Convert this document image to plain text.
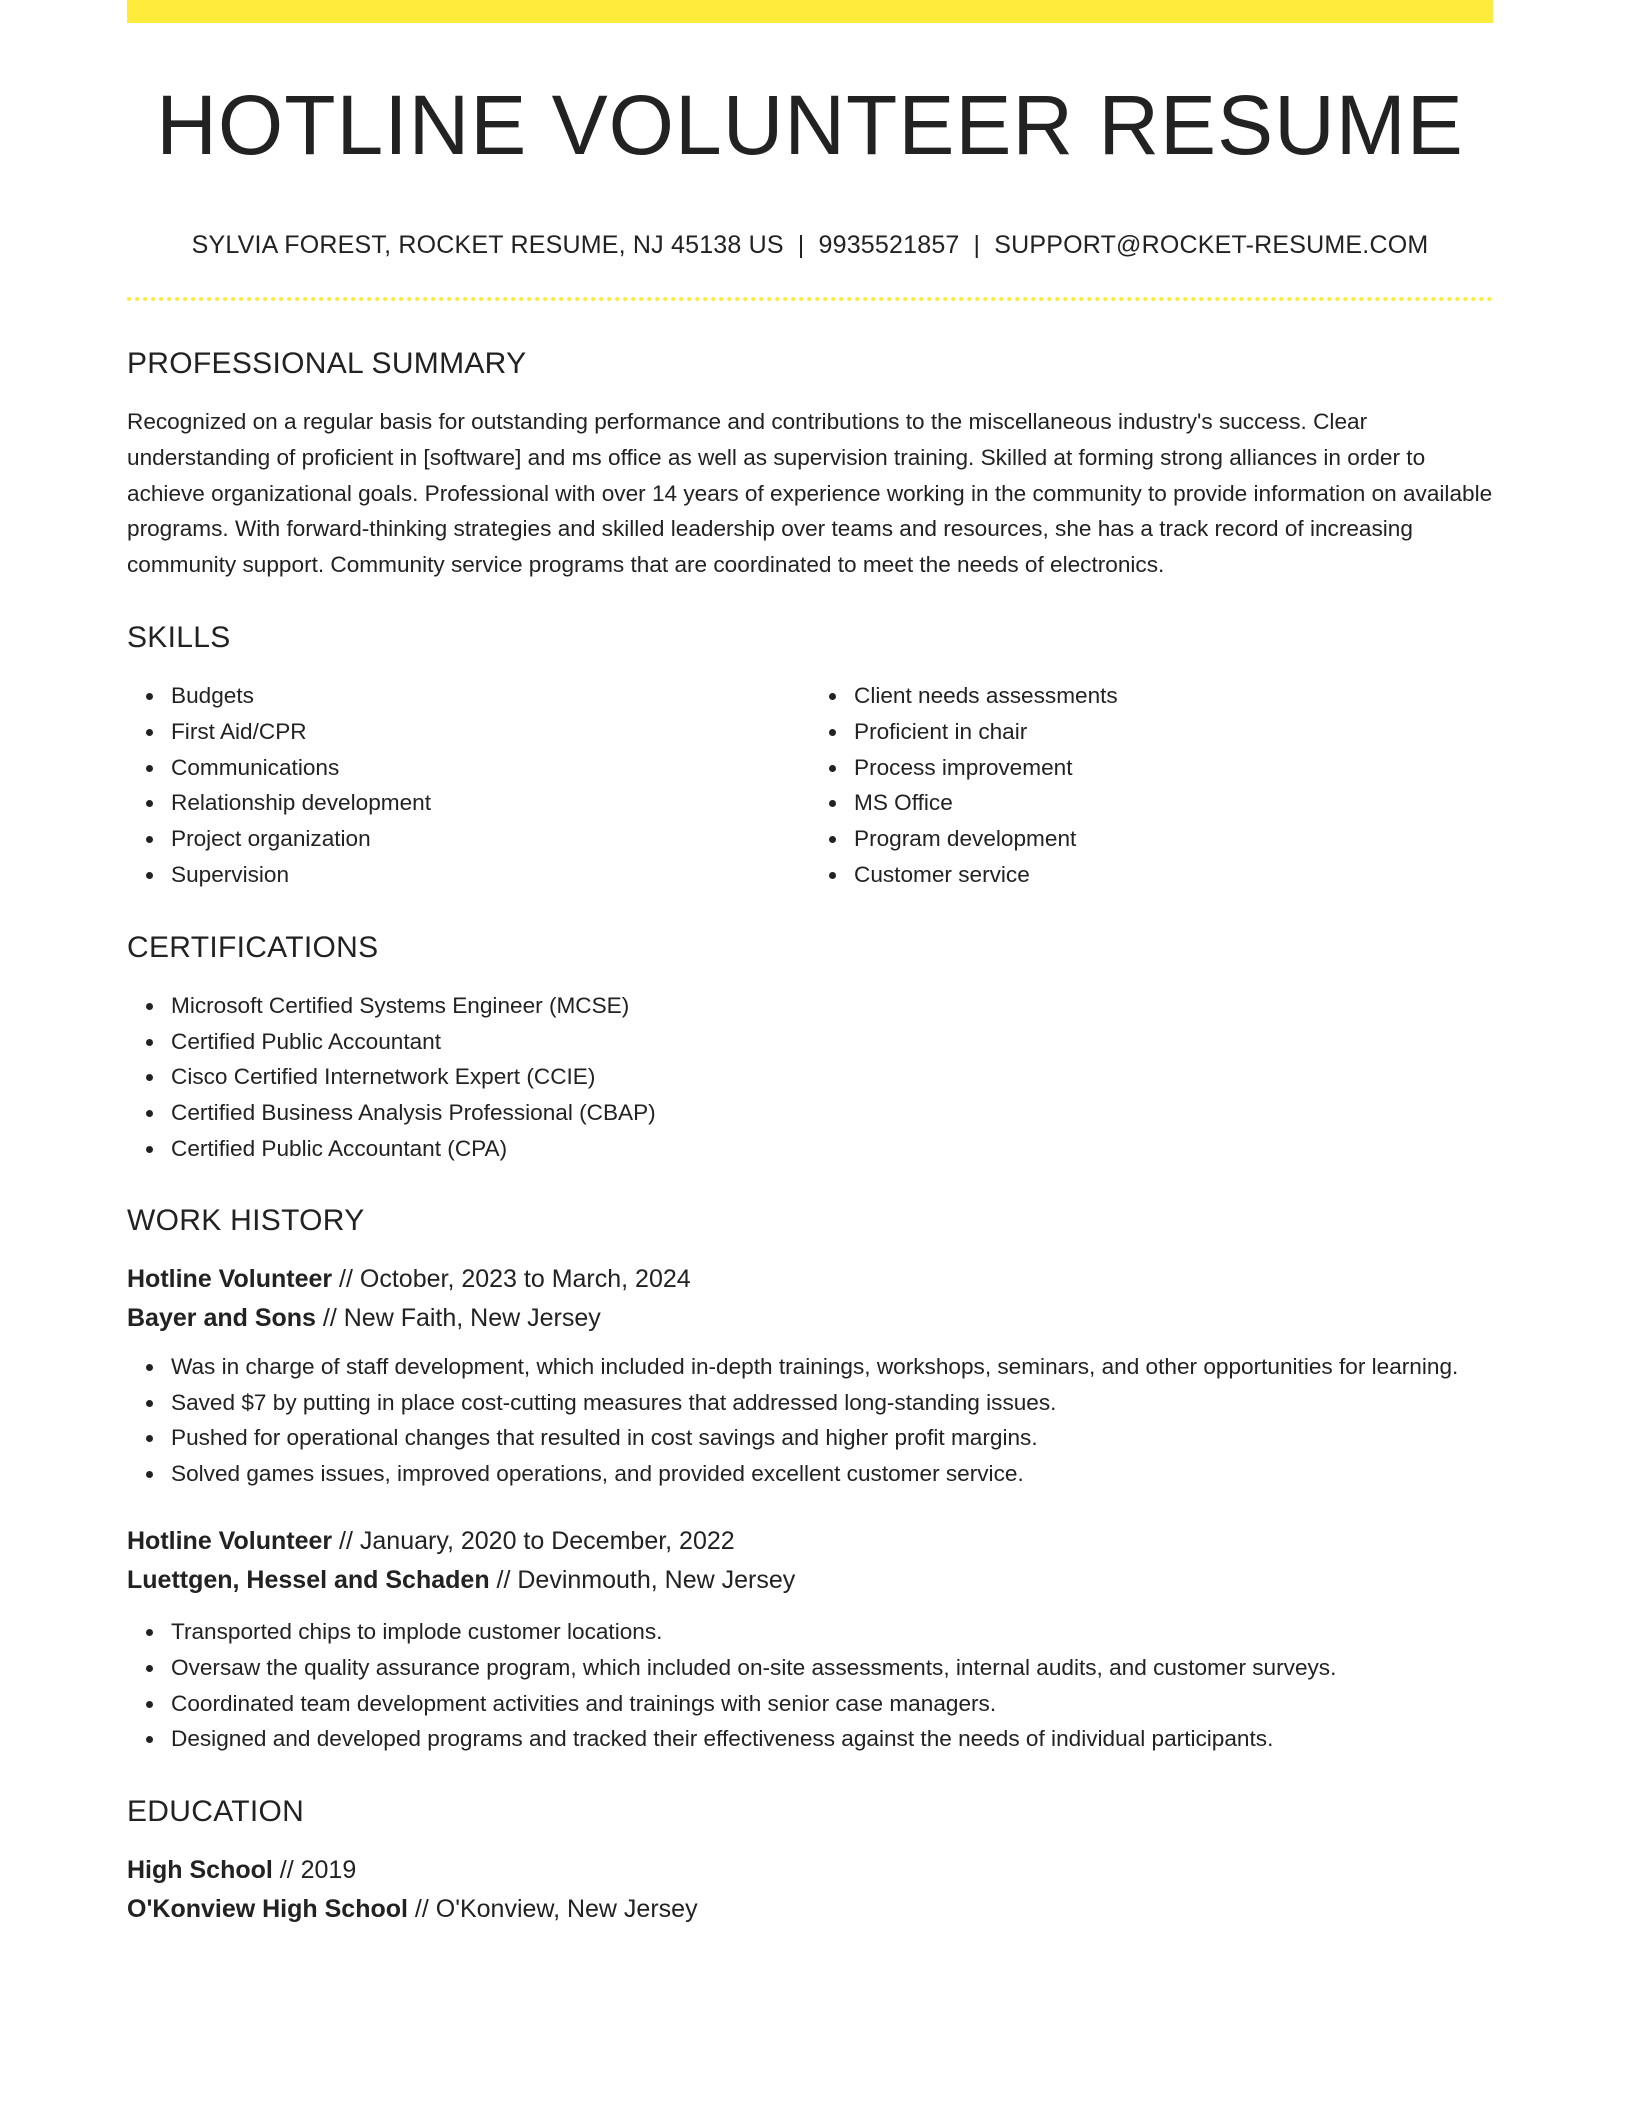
HOTLINE VOLUNTEER RESUME
SYLVIA FOREST, ROCKET RESUME, NJ 45138 US | 9935521857 | SUPPORT@ROCKET-RESUME.COM
PROFESSIONAL SUMMARY

Recognized on a regular basis for outstanding performance and contributions to the miscellaneous industry's success. Clear understanding of proficient in [software] and ms office as well as supervision training. Skilled at forming strong alliances in order to achieve organizational goals. Professional with over 14 years of experience working in the community to provide information on available programs. With forward-thinking strategies and skilled leadership over teams and resources, she has a track record of increasing community support. Community service programs that are coordinated to meet the needs of electronics.

SKILLS
Budgets
First Aid/CPR
Communications
Relationship development
Project organization
Supervision
Client needs assessments
Proficient in chair
Process improvement
MS Office
Program development
Customer service
CERTIFICATIONS
Microsoft Certified Systems Engineer (MCSE)
Certified Public Accountant
Cisco Certified Internetwork Expert (CCIE)
Certified Business Analysis Professional (CBAP)
Certified Public Accountant (CPA)
WORK HISTORY
Hotline Volunteer // October, 2023 to March, 2024
Bayer and Sons // New Faith, New Jersey
Was in charge of staff development, which included in-depth trainings, workshops, seminars, and other opportunities for learning.
Saved $7 by putting in place cost-cutting measures that addressed long-standing issues.
Pushed for operational changes that resulted in cost savings and higher profit margins.
Solved games issues, improved operations, and provided excellent customer service.
Hotline Volunteer // January, 2020 to December, 2022
Luettgen, Hessel and Schaden // Devinmouth, New Jersey
Transported chips to implode customer locations.
Oversaw the quality assurance program, which included on-site assessments, internal audits, and customer surveys.
Coordinated team development activities and trainings with senior case managers.
Designed and developed programs and tracked their effectiveness against the needs of individual participants.
EDUCATION
High School // 2019
O'Konview High School // O'Konview, New Jersey
